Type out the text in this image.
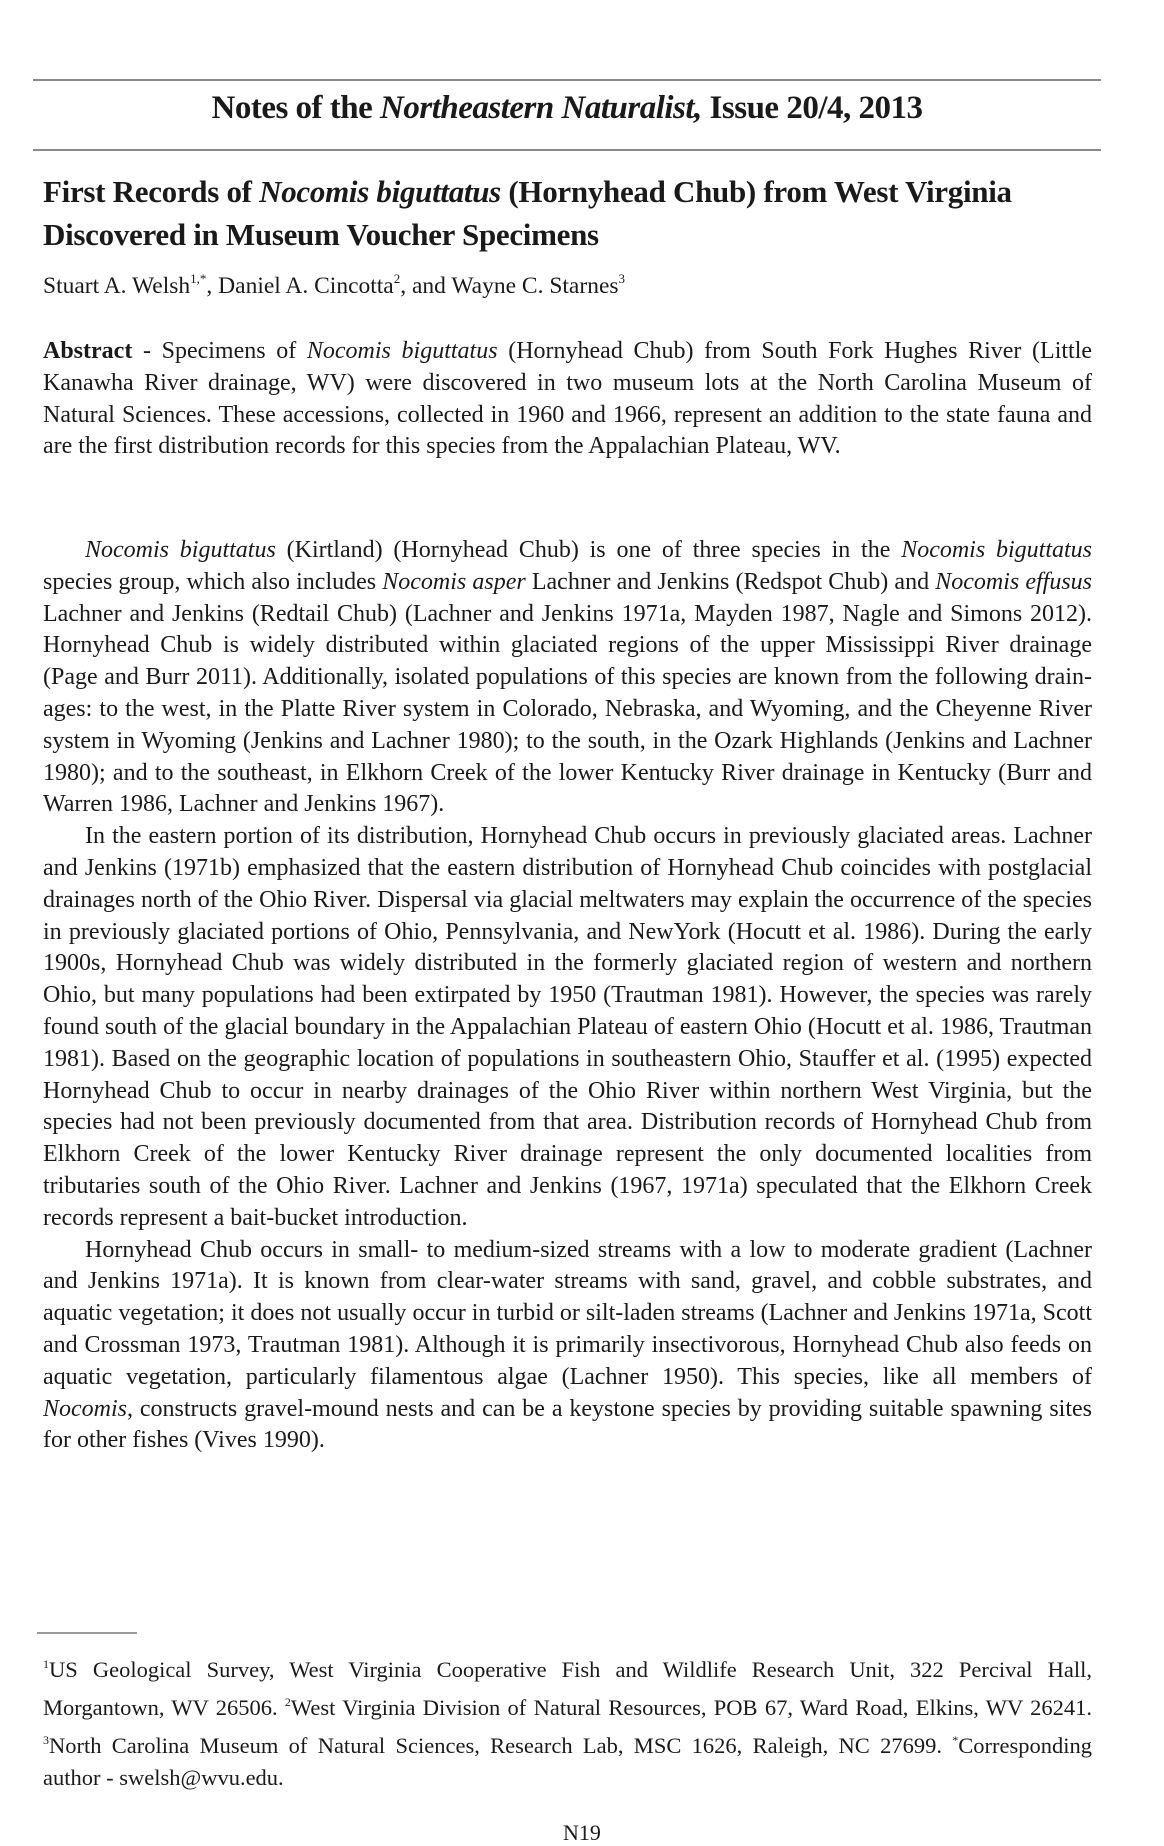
Notes of the Northeastern Naturalist, Issue 20/4, 2013
First Records of Nocomis biguttatus (Hornyhead Chub) from West Virginia Discovered in Museum Voucher Specimens
Stuart A. Welsh$^{1,*}$, Daniel A. Cincotta$^2$, and Wayne C. Starnes$^3$

Abstract - Specimens of Nocomis biguttatus (Hornyhead Chub) from South Fork Hughes River (Little Kanawha River drainage, WV) were discovered in two museum lots at the North Carolina Museum of Natural Sciences. These accessions, collected in 1960 and 1966, represent an addition to the state fauna and are the first distribution records for this species from the Appalachian Plateau, WV.

Nocomis biguttatus (Kirtland) (Hornyhead Chub) is one of three species in the Nocomis biguttatus species group, which also includes Nocomis asper Lachner and Jenkins (Redspot Chub) and Nocomis effusus Lachner and Jenkins (Redtail Chub) (Lachner and Jenkins 1971a, Mayden 1987, Nagle and Simons 2012). Hornyhead Chub is widely distributed within glaciated regions of the upper Mississippi River drainage (Page and Burr 2011). Additionally, isolated populations of this species are known from the following drainages: to the west, in the Platte River system in Colorado, Nebraska, and Wyoming, and the Cheyenne River system in Wyoming (Jenkins and Lachner 1980); to the south, in the Ozark Highlands (Jenkins and Lachner 1980); and to the southeast, in Elkhorn Creek of the lower Kentucky River drainage in Kentucky (Burr and Warren 1986, Lachner and Jenkins 1967).

In the eastern portion of its distribution, Hornyhead Chub occurs in previously glaciated areas. Lachner and Jenkins (1971b) emphasized that the eastern distribution of Hornyhead Chub coincides with postglacial drainages north of the Ohio River. Dispersal via glacial meltwaters may explain the occurrence of the species in previously glaciated portions of Ohio, Pennsylvania, and NewYork (Hocutt et al. 1986). During the early 1900s, Hornyhead Chub was widely distributed in the formerly glaciated region of western and northern Ohio, but many populations had been extirpated by 1950 (Trautman 1981). However, the species was rarely found south of the glacial boundary in the Appalachian Plateau of eastern Ohio (Hocutt et al. 1986, Trautman 1981). Based on the geographic location of populations in southeastern Ohio, Stauffer et al. (1995) expected Hornyhead Chub to occur in nearby drainages of the Ohio River within northern West Virginia, but the species had not been previously documented from that area. Distribution records of Hornyhead Chub from Elkhorn Creek of the lower Kentucky River drainage represent the only documented localities from tributaries south of the Ohio River. Lachner and Jenkins (1967, 1971a) speculated that the Elkhorn Creek records represent a bait-bucket introduction.

Hornyhead Chub occurs in small- to medium-sized streams with a low to moderate gradient (Lachner and Jenkins 1971a). It is known from clear-water streams with sand, gravel, and cobble substrates, and aquatic vegetation; it does not usually occur in turbid or silt-laden streams (Lachner and Jenkins 1971a, Scott and Crossman 1973, Trautman 1981). Although it is primarily insectivorous, Hornyhead Chub also feeds on aquatic vegetation, particularly filamentous algae (Lachner 1950). This species, like all members of Nocomis, constructs gravel-mound nests and can be a keystone species by providing suitable spawning sites for other fishes (Vives 1990).

$^1$US Geological Survey, West Virginia Cooperative Fish and Wildlife Research Unit, 322 Percival Hall, Morgantown, WV 26506. $^2$West Virginia Division of Natural Resources, POB 67, Ward Road, Elkins, WV 26241. $^3$North Carolina Museum of Natural Sciences, Research Lab, MSC 1626, Raleigh, NC 27699. *Corresponding author - swelsh@wvu.edu.
N19
